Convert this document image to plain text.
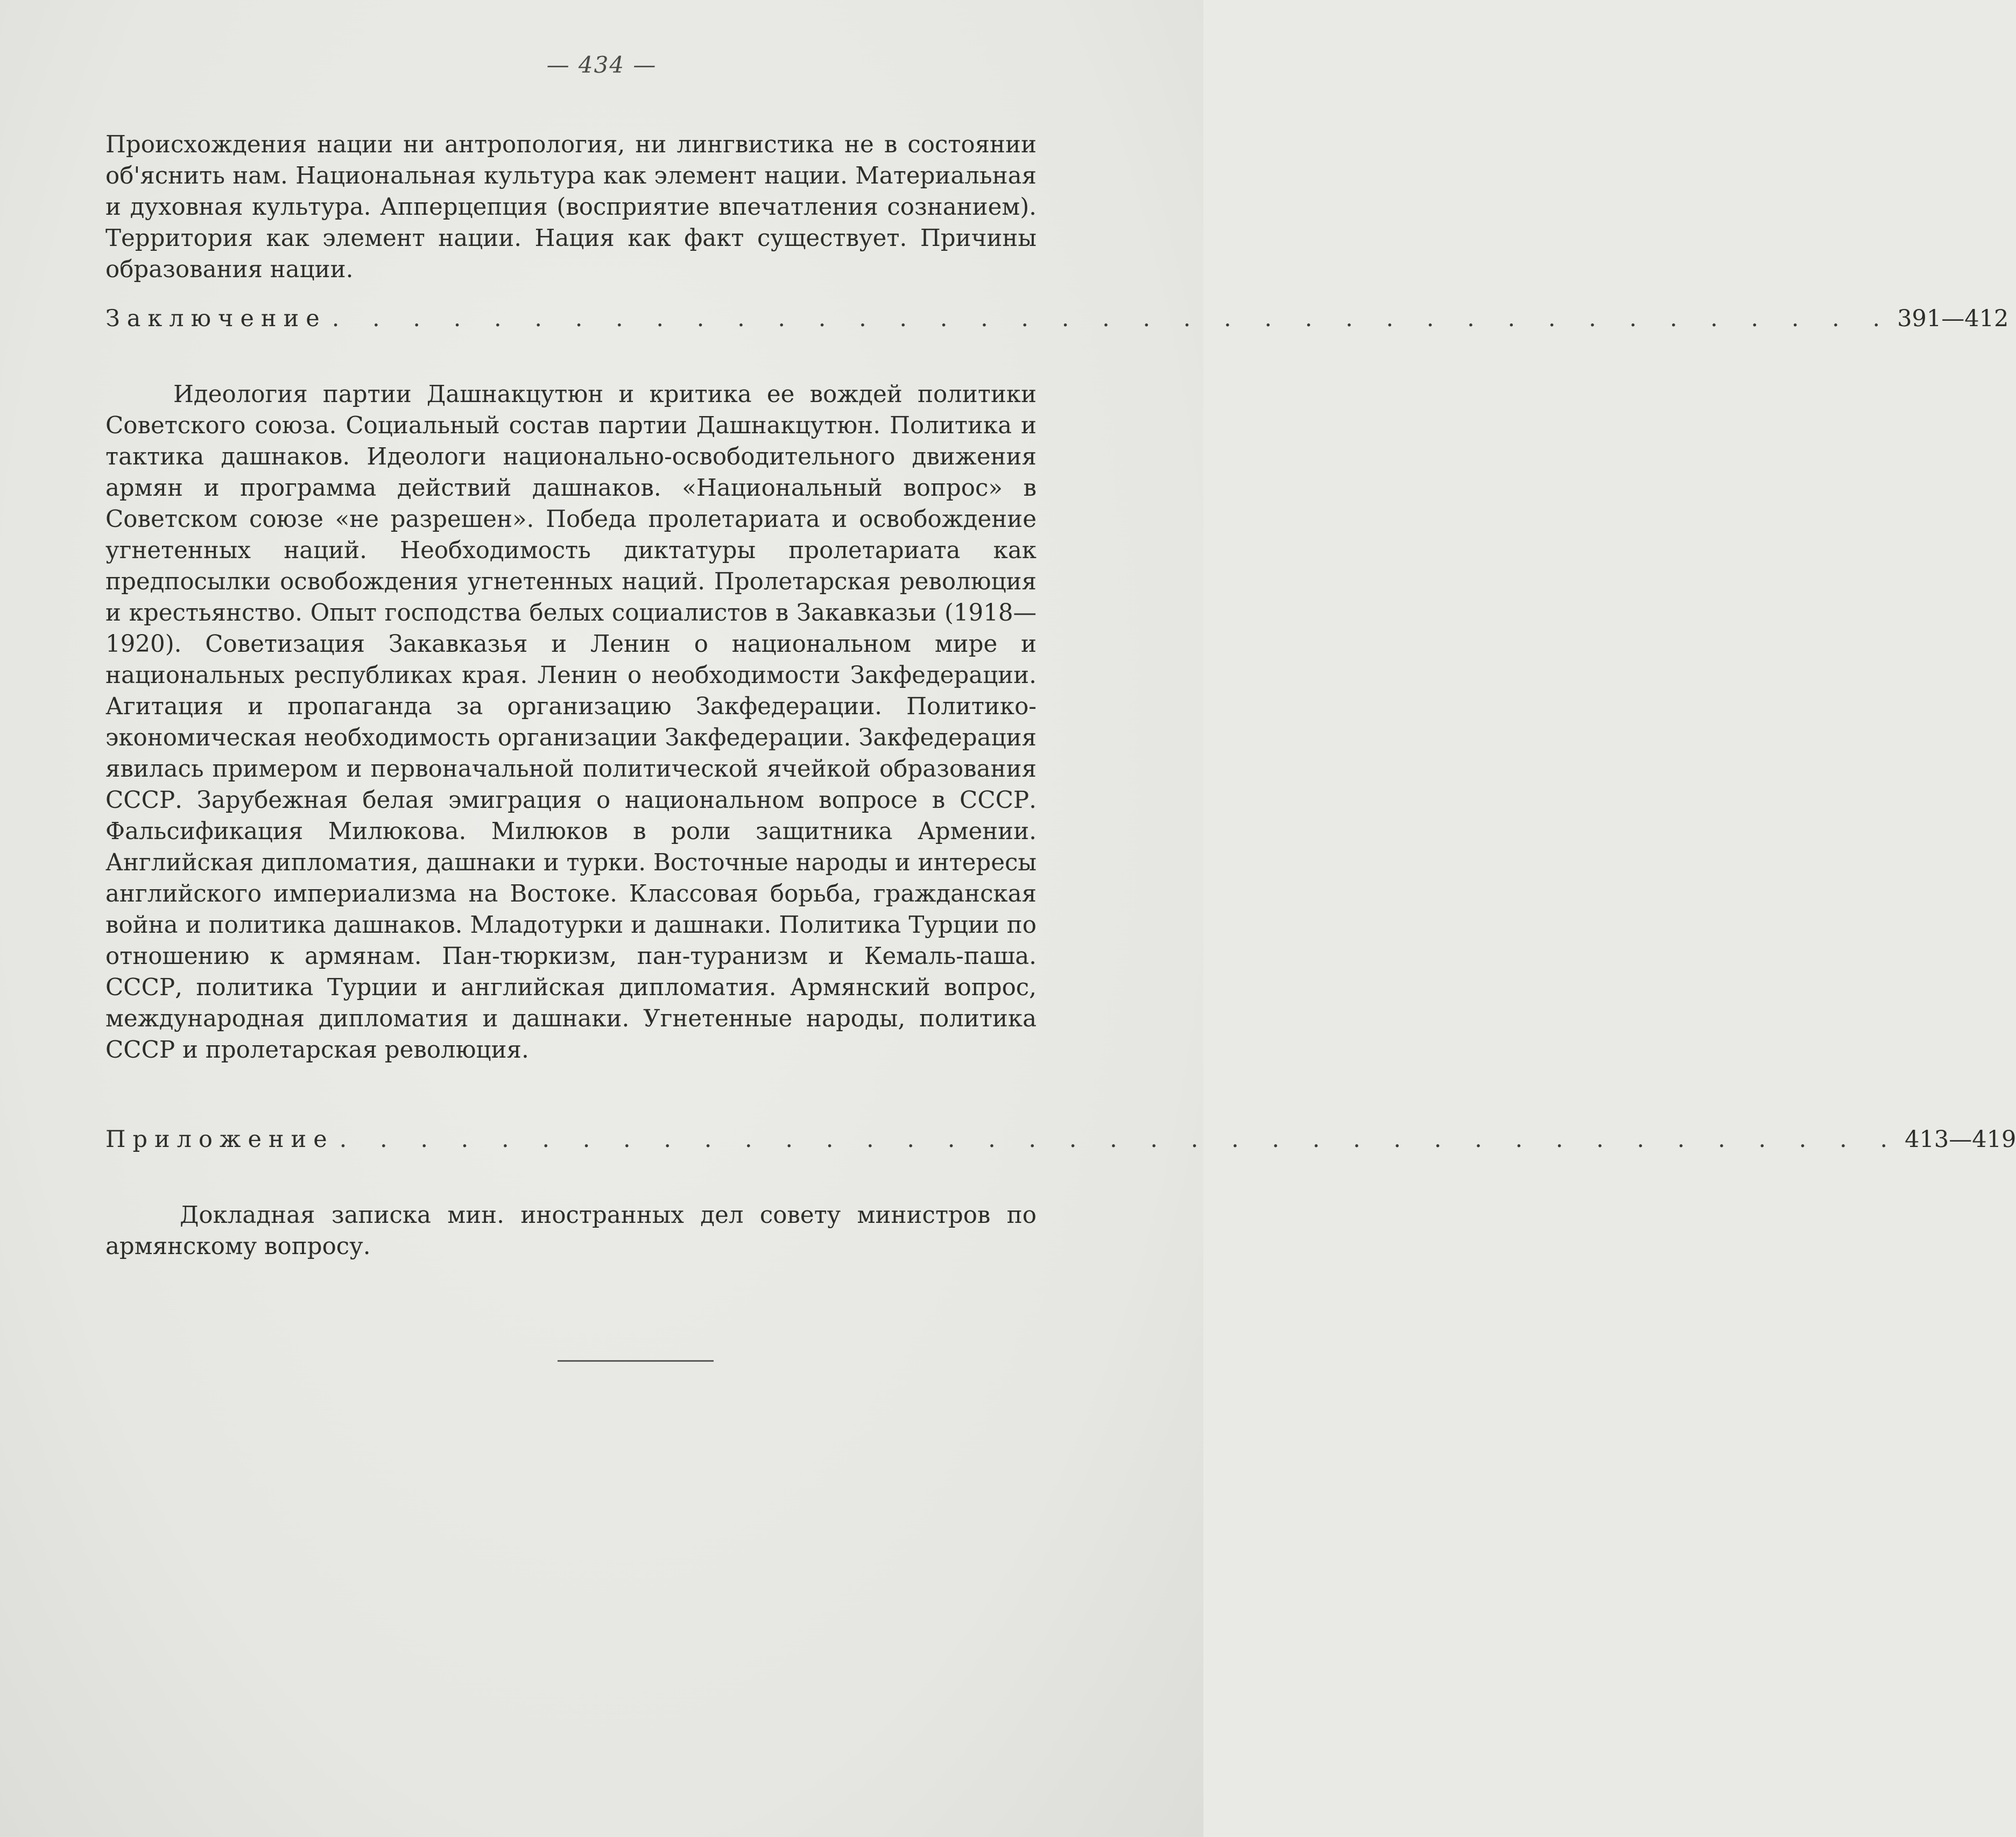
— 434 —

Происхождения нации ни антропология, ни лингвистика не в состоянии об'яснить нам. Национальная культура как элемент нации. Материальная и духовная культура. Апперцепция (восприятие впечатления сознанием). Территория как элемент нации. Нация как факт существует. Причины образования нации.

Заключение . . . . . . . . . . . . . . . . . . . . . . . . . . . . . . . . . . . . . . . 391—412

Идеология партии Дашнакцутюн и критика ее вождей политики Советского союза. Социальный состав партии Дашнакцутюн. Политика и тактика дашнаков. Идеологи национально-освободительного движения армян и программа действий дашнаков. «Национальный вопрос» в Советском союзе «не разрешен». Победа пролетариата и освобождение угнетенных наций. Необходимость диктатуры пролетариата как предпосылки освобождения угнетенных наций. Пролетарская революция и крестьянство. Опыт господства белых социалистов в Закавказьи (1918—1920). Советизация Закавказья и Ленин о национальном мире и национальных республиках края. Ленин о необходимости Закфедерации. Агитация и пропаганда за организацию Закфедерации. Политико-экономическая необходимость организации Закфедерации. Закфедерация явилась примером и первоначальной политической ячейкой образования СССР. Зарубежная белая эмиграция о национальном вопросе в СССР. Фальсификация Милюкова. Милюков в роли защитника Армении. Английская дипломатия, дашнаки и турки. Восточные народы и интересы английского империализма на Востоке. Классовая борьба, гражданская война и политика дашнаков. Младотурки и дашнаки. Политика Турции по отношению к армянам. Пан-тюркизм, пан-туранизм и Кемаль-паша. СССР, политика Турции и английская дипломатия. Армянский вопрос, международная дипломатия и дашнаки. Угнетенные народы, политика СССР и пролетарская революция.

Приложение . . . . . . . . . . . . . . . . . . . . . . . . . . . . . . . . . . . . . . . 413—419

Докладная записка мин. иностранных дел совету министров по армянскому вопросу.
